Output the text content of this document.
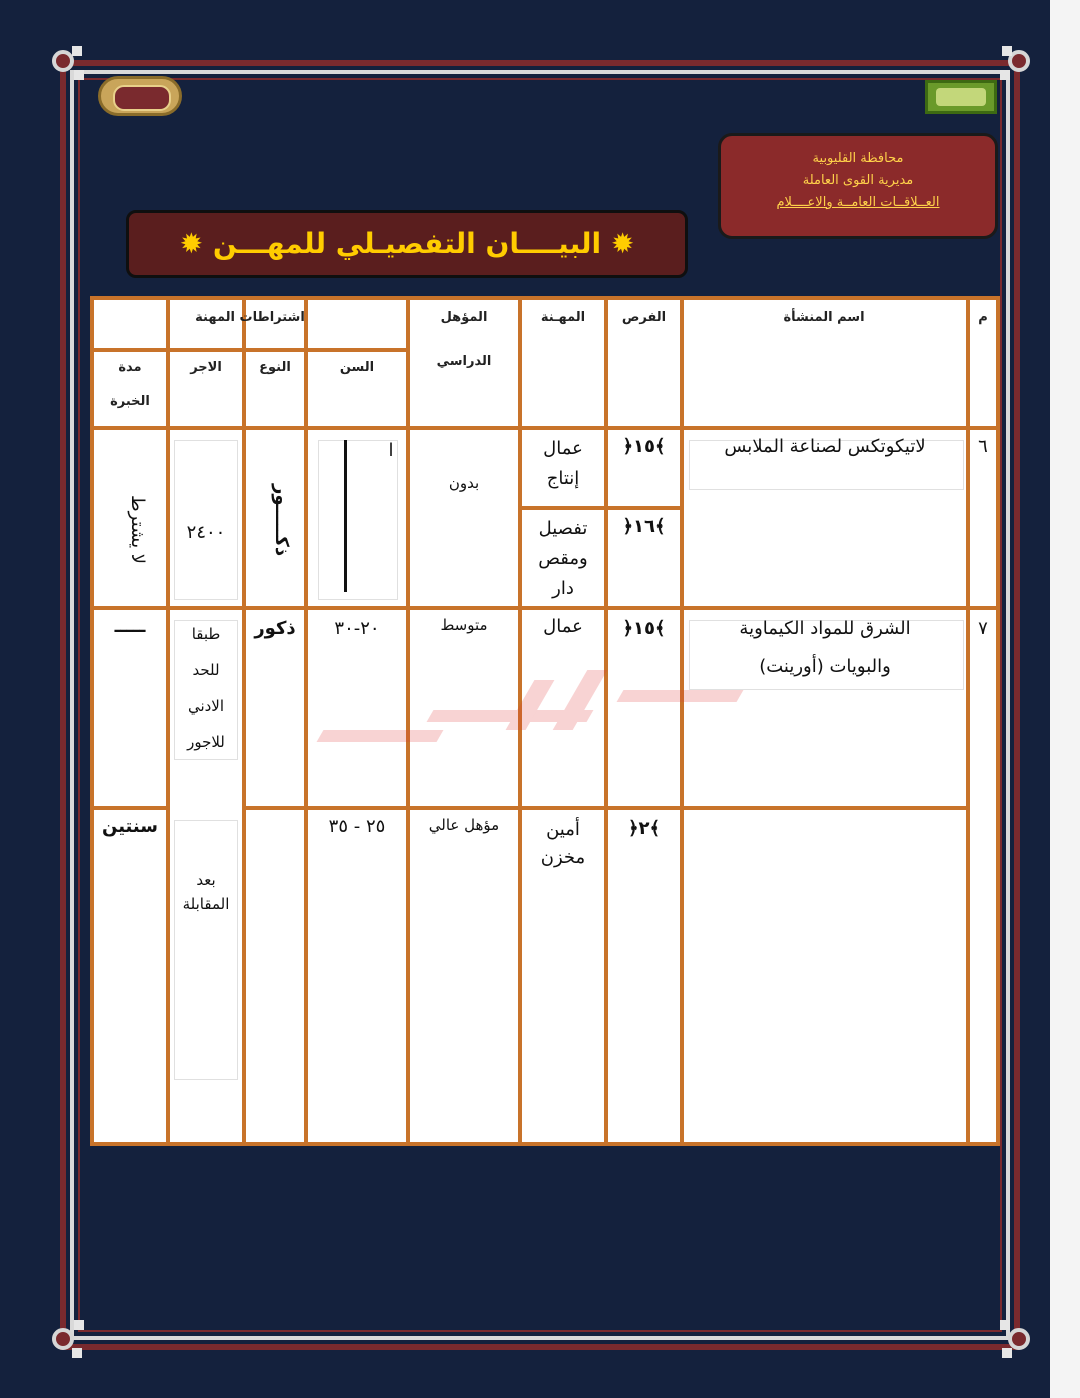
محافظة القليوبية
مديرية القوى العاملة
العــلاقــات العامــة والاعــــلام
✹ البيــــان التفصيـلي للمهـــن ✹
م
اسم المنشأة
الفرص
المهـنة
المؤهل
الدراسي
اشتراطات المهنة
السن
النوع
الاجر
مدة
الخبرة
٦
لاتيكوتكس لصناعة الملابس
﴾١٥﴿
عمال إنتاج
﴾١٦﴿
تفصيل ومقص دار
بدون
ا
ذكـــــور
٢٤٠٠
لا يشترط
٧
الشرق للمواد الكيماوية
والبويات (أورينت)
﴾١٥﴿
عمال
متوسط
٢٠-٣٠
ذكور
طبقا
للحد
الادني
للاجور
ـــــ
﴾٢﴿
أمين
مخزن
مؤهل عالي
٢٥ - ٣٥
بعد
المقابلة
سنتين
